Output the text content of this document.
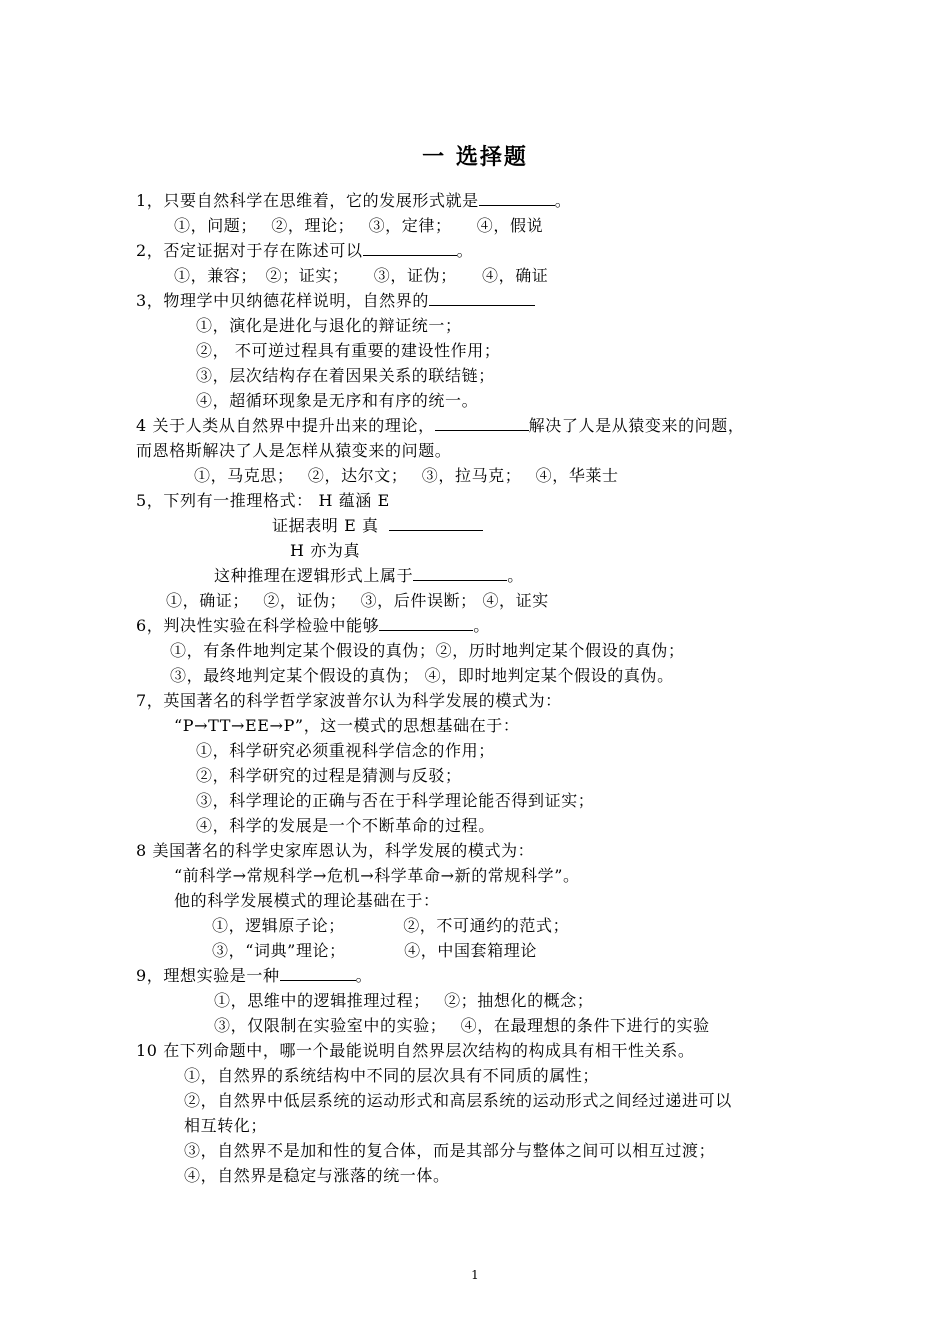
一 选择题
1，只要自然科学在思维着，它的发展形式就是	。
①，问题；　 ②，理论；　 ③，定律；　　④，假说
2，否定证据对于存在陈述可以	。
①，兼容；　②；证实；　　③，证伪；　　④，确证
3，物理学中贝纳德花样说明，自然界的
①，演化是进化与退化的辩证统一；
②， 不可逆过程具有重要的建设性作用；
③，层次结构存在着因果关系的联结链；
④，超循环现象是无序和有序的统一。
4 关于人类从自然界中提升出来的理论，	解决了人是从猿变来的问题，
而恩格斯解决了人是怎样从猿变来的问题。
①，马克思；　 ②，达尔文；　 ③，拉马克；　 ④，华莱士
5，下列有一推理格式： H 蕴涵 E
证据表明 E 真
H 亦为真
这种推理在逻辑形式上属于	。
①，确证；　 ②，证伪；　 ③，后件误断； ④，证实
6，判决性实验在科学检验中能够	。
①，有条件地判定某个假设的真伪；②，历时地判定某个假设的真伪；
③，最终地判定某个假设的真伪； ④，即时地判定某个假设的真伪。
7，英国著名的科学哲学家波普尔认为科学发展的模式为：
“P→TT→EE→P”，这一模式的思想基础在于：
①，科学研究必须重视科学信念的作用；
②，科学研究的过程是猜测与反驳；
③，科学理论的正确与否在于科学理论能否得到证实；
④，科学的发展是一个不断革命的过程。
8 美国著名的科学史家库恩认为，科学发展的模式为：
“前科学→常规科学→危机→科学革命→新的常规科学”。
他的科学发展模式的理论基础在于：
①，逻辑原子论；　　　　②，不可通约的范式；
③，“词典”理论；　　　　④，中国套箱理论
9，理想实验是一种	。
①，思维中的逻辑推理过程；　 ②；抽想化的概念；
③，仅限制在实验室中的实验；　 ④，在最理想的条件下进行的实验
10 在下列命题中，哪一个最能说明自然界层次结构的构成具有相干性关系。
①，自然界的系统结构中不同的层次具有不同质的属性；
②，自然界中低层系统的运动形式和高层系统的运动形式之间经过递进可以
相互转化；
③，自然界不是加和性的复合体，而是其部分与整体之间可以相互过渡；
④，自然界是稳定与涨落的统一体。
1
